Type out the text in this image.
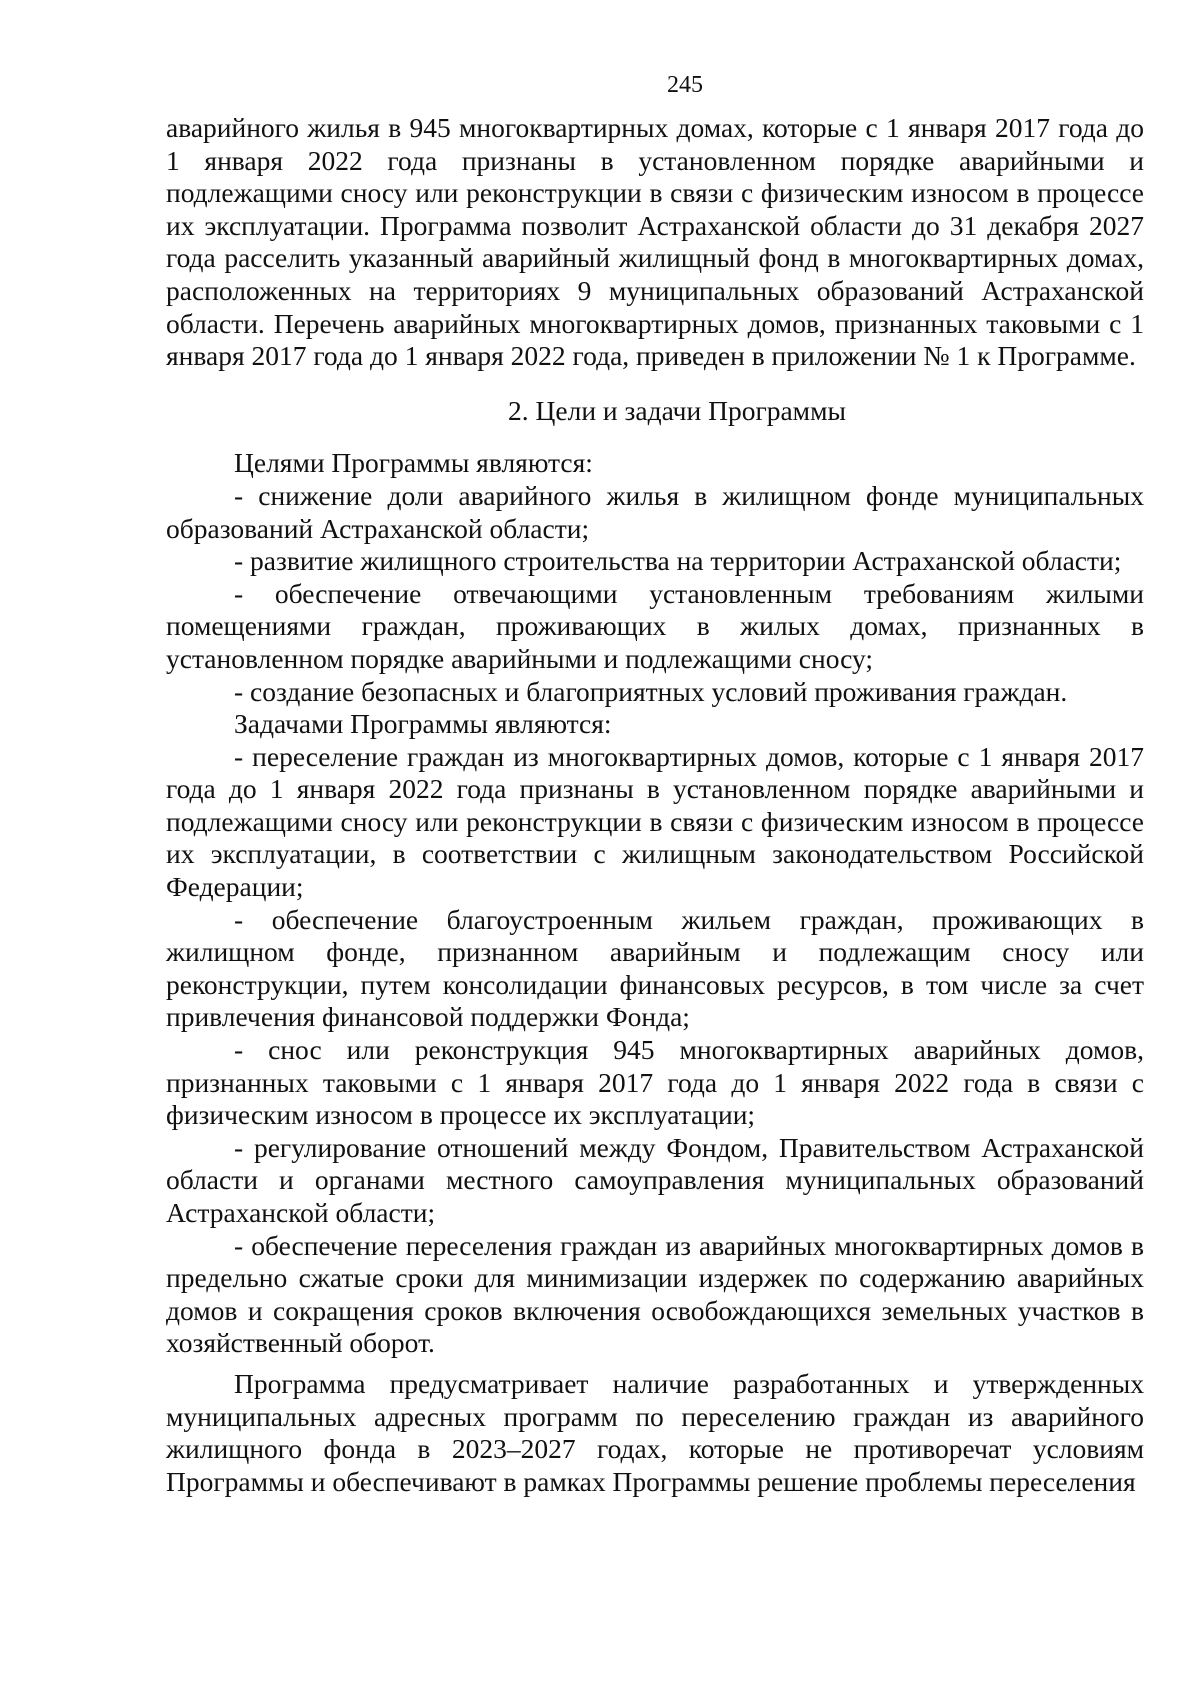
245

аварийного жилья в 945 многоквартирных домах, которые с 1 января 2017 года до 1 января 2022 года признаны в установленном порядке аварийными и подлежащими сносу или реконструкции в связи с физическим износом в процессе их эксплуатации. Программа позволит Астраханской области до 31 декабря 2027 года расселить указанный аварийный жилищный фонд в многоквартирных домах, расположенных на территориях 9 муниципальных образований Астраханской области. Перечень аварийных многоквартирных домов, признанных таковыми с 1 января 2017 года до 1 января 2022 года, приведен в приложении № 1 к Программе.

2. Цели и задачи Программы

Целями Программы являются:

- снижение доли аварийного жилья в жилищном фонде муниципальных образований Астраханской области;

- развитие жилищного строительства на территории Астраханской области;

- обеспечение отвечающими установленным требованиям жилыми помещениями граждан, проживающих в жилых домах, признанных в установленном порядке аварийными и подлежащими сносу;

- создание безопасных и благоприятных условий проживания граждан.

Задачами Программы являются:

- переселение граждан из многоквартирных домов, которые с 1 января 2017 года до 1 января 2022 года признаны в установленном порядке аварийными и подлежащими сносу или реконструкции в связи с физическим износом в процессе их эксплуатации, в соответствии с жилищным законодательством Российской Федерации;

- обеспечение благоустроенным жильем граждан, проживающих в жилищном фонде, признанном аварийным и подлежащим сносу или реконструкции, путем консолидации финансовых ресурсов, в том числе за счет привлечения финансовой поддержки Фонда;

- снос или реконструкция 945 многоквартирных аварийных домов, признанных таковыми с 1 января 2017 года до 1 января 2022 года в связи с физическим износом в процессе их эксплуатации;

- регулирование отношений между Фондом, Правительством Астраханской области и органами местного самоуправления муниципальных образований Астраханской области;

- обеспечение переселения граждан из аварийных многоквартирных домов в предельно сжатые сроки для минимизации издержек по содержанию аварийных домов и сокращения сроков включения освобождающихся земельных участков в хозяйственный оборот.

Программа предусматривает наличие разработанных и утвержденных муниципальных адресных программ по переселению граждан из аварийного жилищного фонда в 2023–2027 годах, которые не противоречат условиям Программы и обеспечивают в рамках Программы решение проблемы переселения
